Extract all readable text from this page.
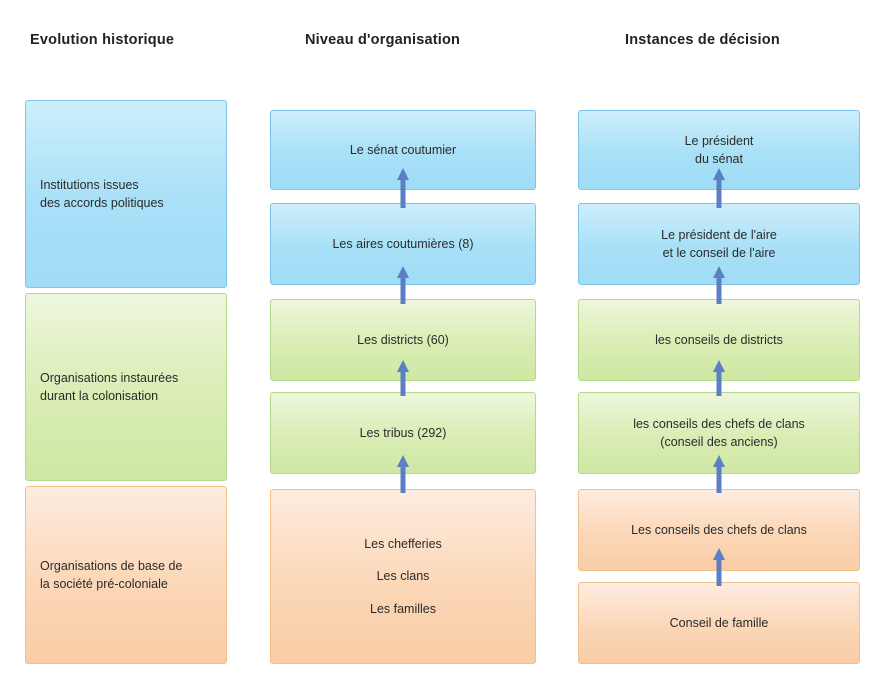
Evolution historique	Niveau d'organisation	Instances de décision
Institutions issues
des accords politiques
Organisations instaurées
durant la colonisation
Organisations de base de
la société pré-coloniale
Le sénat coutumier
Les aires coutumières (8)
Les districts (60)
Les tribus (292)
Les chefferies
Les clans
Les familles
Le président
du sénat
Le président de l'aire
et le conseil de l'aire
les conseils de districts
les conseils des chefs de clans
(conseil des anciens)
Les conseils des chefs de clans
Conseil de famille
